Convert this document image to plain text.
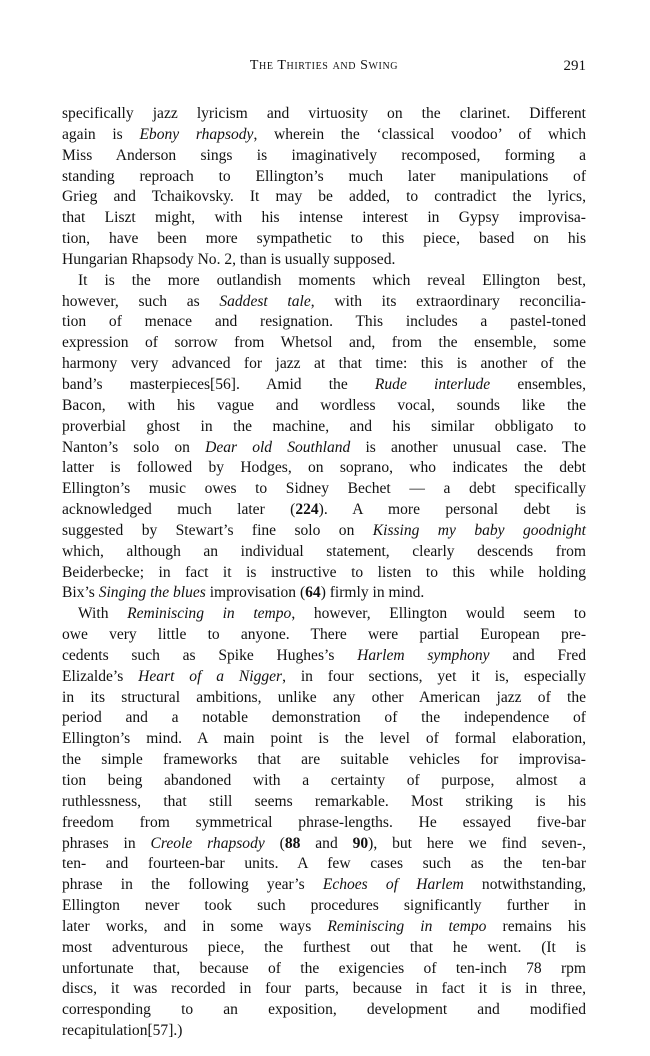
The Thirties and Swing	291
specifically jazz lyricism and virtuosity on the clarinet. Different
again is Ebony rhapsody, wherein the ‘classical voodoo’ of which
Miss Anderson sings is imaginatively recomposed, forming a
standing reproach to Ellington’s much later manipulations of
Grieg and Tchaikovsky. It may be added, to contradict the lyrics,
that Liszt might, with his intense interest in Gypsy improvisa-
tion, have been more sympathetic to this piece, based on his
Hungarian Rhapsody No. 2, than is usually supposed.
It is the more outlandish moments which reveal Ellington best,
however, such as Saddest tale, with its extraordinary reconcilia-
tion of menace and resignation. This includes a pastel-toned
expression of sorrow from Whetsol and, from the ensemble, some
harmony very advanced for jazz at that time: this is another of the
band’s masterpieces[56]. Amid the Rude interlude ensembles,
Bacon, with his vague and wordless vocal, sounds like the
proverbial ghost in the machine, and his similar obbligato to
Nanton’s solo on Dear old Southland is another unusual case. The
latter is followed by Hodges, on soprano, who indicates the debt
Ellington’s music owes to Sidney Bechet — a debt specifically
acknowledged much later (224). A more personal debt is
suggested by Stewart’s fine solo on Kissing my baby goodnight
which, although an individual statement, clearly descends from
Beiderbecke; in fact it is instructive to listen to this while holding
Bix’s Singing the blues improvisation (64) firmly in mind.
With Reminiscing in tempo, however, Ellington would seem to
owe very little to anyone. There were partial European pre-
cedents such as Spike Hughes’s Harlem symphony and Fred
Elizalde’s Heart of a Nigger, in four sections, yet it is, especially
in its structural ambitions, unlike any other American jazz of the
period and a notable demonstration of the independence of
Ellington’s mind. A main point is the level of formal elaboration,
the simple frameworks that are suitable vehicles for improvisa-
tion being abandoned with a certainty of purpose, almost a
ruthlessness, that still seems remarkable. Most striking is his
freedom from symmetrical phrase-lengths. He essayed five-bar
phrases in Creole rhapsody (88 and 90), but here we find seven-,
ten- and fourteen-bar units. A few cases such as the ten-bar
phrase in the following year’s Echoes of Harlem notwithstanding,
Ellington never took such procedures significantly further in
later works, and in some ways Reminiscing in tempo remains his
most adventurous piece, the furthest out that he went. (It is
unfortunate that, because of the exigencies of ten-inch 78 rpm
discs, it was recorded in four parts, because in fact it is in three,
corresponding to an exposition, development and modified
recapitulation[57].)
